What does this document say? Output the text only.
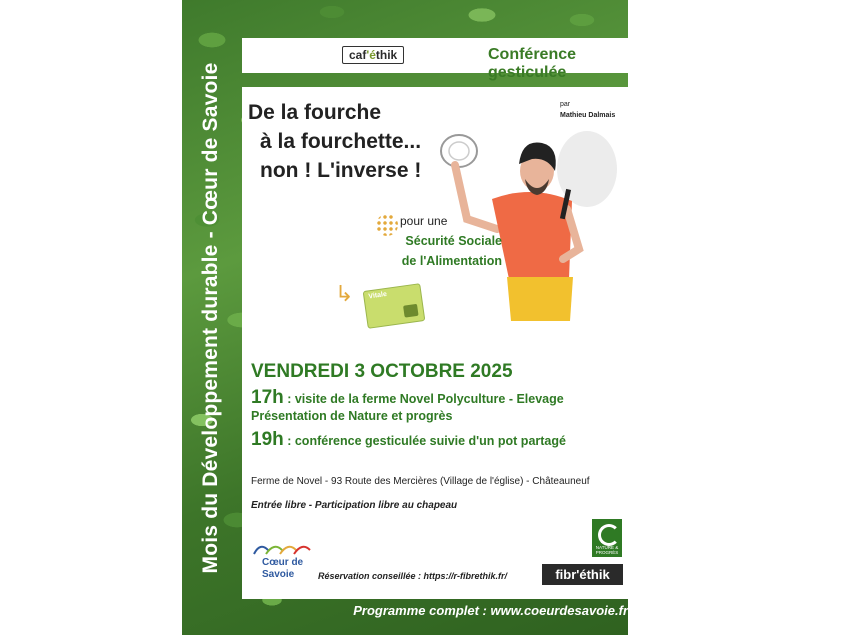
Mois du Développement durable - Cœur de Savoie
caf'éthik	Conférence gesticulée
De la fourche
à la fourchette...
non ! L'inverse !
par
Mathieu Dalmais
pour une
Sécurité Sociale
de l'Alimentation
↳ Vitale
VENDREDI 3 OCTOBRE 2025
17h : visite de la ferme Novel Polyculture - Elevage
Présentation de Nature et progrès
19h : conférence gesticulée suivie d'un pot partagé
Ferme de Novel - 93 Route des Mercières (Village de l'église) - Châteauneuf
Entrée libre - Participation libre au chapeau
Cœur de
Savoie	Réservation conseillée : https://r-fibrethik.fr/
NATURE & PROGRÈS
fibr'éthik
Programme complet : www.coeurdesavoie.fr
